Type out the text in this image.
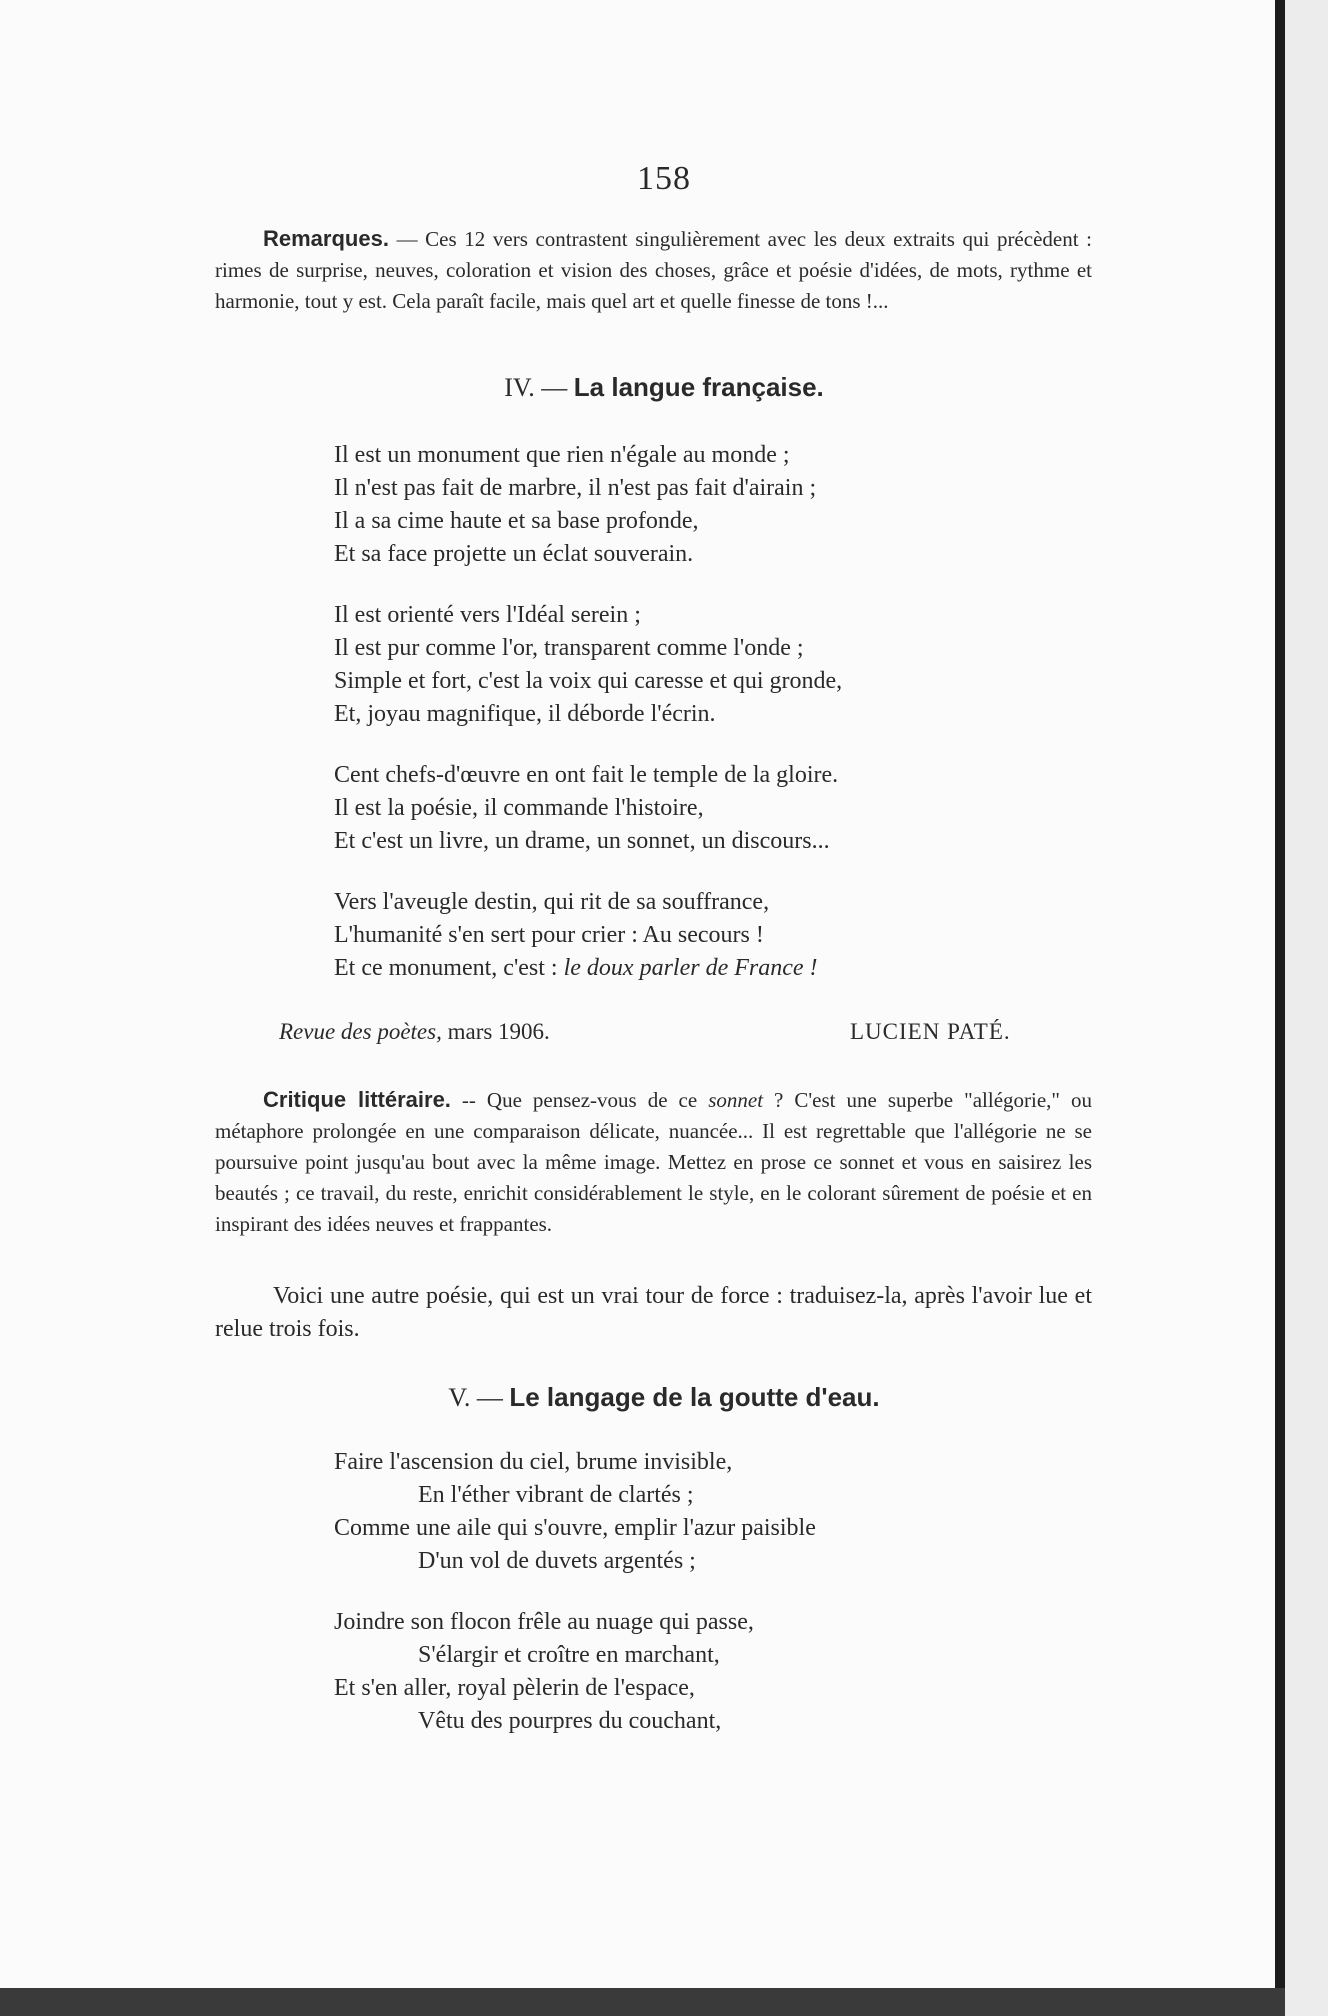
158

Remarques. — Ces 12 vers contrastent singulièrement avec les deux extraits qui précèdent : rimes de surprise, neuves, coloration et vision des choses, grâce et poésie d'idées, de mots, rythme et harmonie, tout y est. Cela paraît facile, mais quel art et quelle finesse de tons !...

IV. — La langue française.
Il est un monument que rien n'égale au monde ;
Il n'est pas fait de marbre, il n'est pas fait d'airain ;
Il a sa cime haute et sa base profonde,
Et sa face projette un éclat souverain.
Il est orienté vers l'Idéal serein ;
Il est pur comme l'or, transparent comme l'onde ;
Simple et fort, c'est la voix qui caresse et qui gronde,
Et, joyau magnifique, il déborde l'écrin.
Cent chefs-d'œuvre en ont fait le temple de la gloire.
Il est la poésie, il commande l'histoire,
Et c'est un livre, un drame, un sonnet, un discours...
Vers l'aveugle destin, qui rit de sa souffrance,
L'humanité s'en sert pour crier : Au secours !
Et ce monument, c'est : le doux parler de France !
Revue des poètes, mars 1906.	LUCIEN PATÉ.

Critique littéraire. -- Que pensez-vous de ce sonnet ? C'est une superbe "allégorie," ou métaphore prolongée en une comparaison délicate, nuancée... Il est regrettable que l'allégorie ne se poursuive point jusqu'au bout avec la même image. Mettez en prose ce sonnet et vous en saisirez les beautés ; ce travail, du reste, enrichit considérablement le style, en le colorant sûrement de poésie et en inspirant des idées neuves et frappantes.

Voici une autre poésie, qui est un vrai tour de force : traduisez-la, après l'avoir lue et relue trois fois.

V. — Le langage de la goutte d'eau.
Faire l'ascension du ciel, brume invisible,
En l'éther vibrant de clartés ;
Comme une aile qui s'ouvre, emplir l'azur paisible
D'un vol de duvets argentés ;
Joindre son flocon frêle au nuage qui passe,
S'élargir et croître en marchant,
Et s'en aller, royal pèlerin de l'espace,
Vêtu des pourpres du couchant,
